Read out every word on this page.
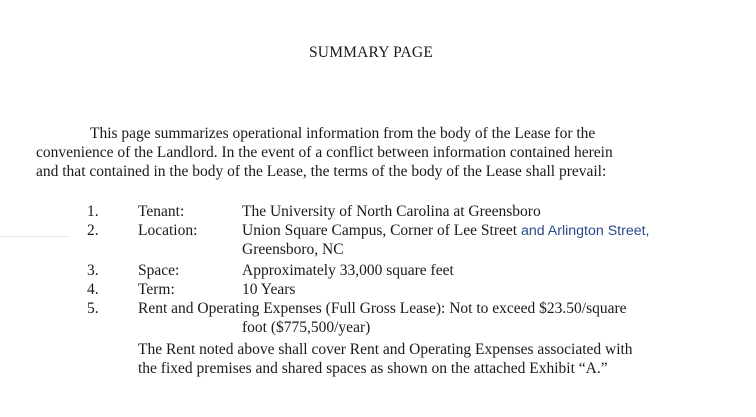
SUMMARY PAGE
This page summarizes operational information from the body of the Lease for the
convenience of the Landlord. In the event of a conflict between information contained herein
and that contained in the body of the Lease, the terms of the body of the Lease shall prevail:
1.	Tenant:	The University of North Carolina at Greensboro
2.	Location:	Union Square Campus, Corner of Lee Street and Arlington Street,
Greensboro, NC
3.	Space:	Approximately 33,000 square feet
4.	Term:	10 Years
5.	Rent and Operating Expenses (Full Gross Lease): Not to exceed $23.50/square
foot ($775,500/year)
The Rent noted above shall cover Rent and Operating Expenses associated with
the fixed premises and shared spaces as shown on the attached Exhibit “A.”
